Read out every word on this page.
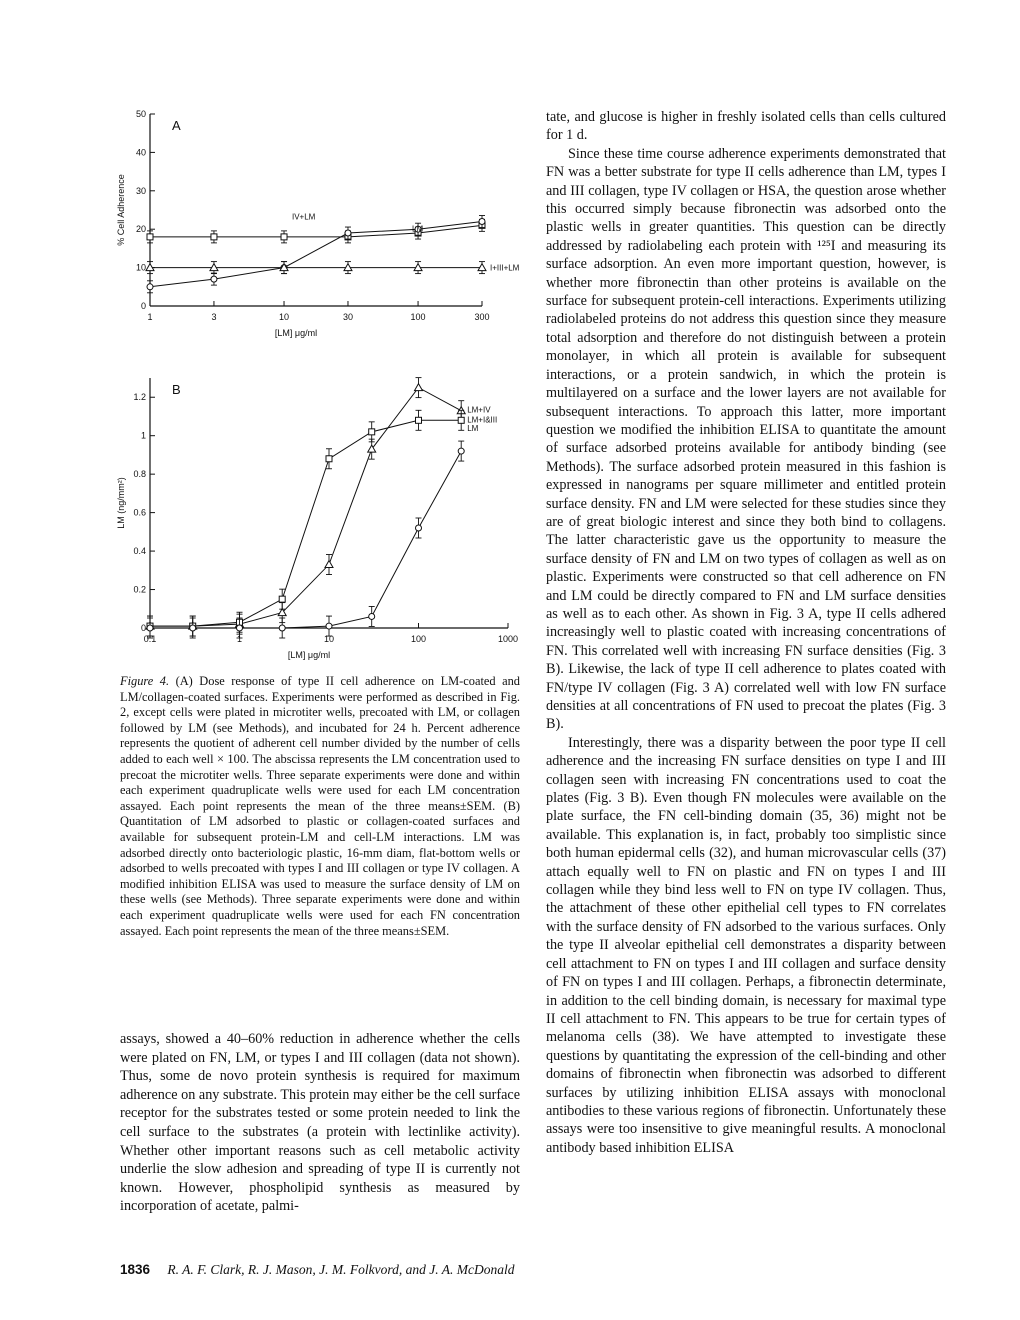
1	3	10	30	100	300
0
10
20
30
40
50
[LM] μg/ml
% Cell Adherence
A
IV+LM
LM
I+III+LM
0.1	1	10	100	1000
0
0.2
0.4
0.6
0.8
1
1.2
[LM] μg/ml
LM (ng/mm²)
B
LM+I&III
LM+IV
LM
Figure 4. (A) Dose response of type II cell adherence on LM-coated and LM/collagen-coated surfaces. Experiments were performed as described in Fig. 2, except cells were plated in microtiter wells, precoated with LM, or collagen followed by LM (see Methods), and incubated for 24 h. Percent adherence represents the quotient of adherent cell number divided by the number of cells added to each well × 100. The abscissa represents the LM concentration used to precoat the microtiter wells. Three separate experiments were done and within each experiment quadruplicate wells were used for each LM concentration assayed. Each point represents the mean of the three means±SEM. (B) Quantitation of LM adsorbed to plastic or collagen-coated surfaces and available for subsequent protein-LM and cell-LM interactions. LM was adsorbed directly onto bacteriologic plastic, 16-mm diam, flat-bottom wells or adsorbed to wells precoated with types I and III collagen or type IV collagen. A modified inhibition ELISA was used to measure the surface density of LM on these wells (see Methods). Three separate experiments were done and within each experiment quadruplicate wells were used for each FN concentration assayed. Each point represents the mean of the three means±SEM.

assays, showed a 40–60% reduction in adherence whether the cells were plated on FN, LM, or types I and III collagen (data not shown). Thus, some de novo protein synthesis is required for maximum adherence on any substrate. This protein may either be the cell surface receptor for the substrates tested or some protein needed to link the cell surface to the substrates (a protein with lectinlike activity). Whether other important reasons such as cell metabolic activity underlie the slow adhesion and spreading of type II is currently not known. However, phospholipid synthesis as measured by incorporation of acetate, palmi-

tate, and glucose is higher in freshly isolated cells than cells cultured for 1 d.

Since these time course adherence experiments demonstrated that FN was a better substrate for type II cells adherence than LM, types I and III collagen, type IV collagen or HSA, the question arose whether this occurred simply because fibronectin was adsorbed onto the plastic wells in greater quantities. This question can be directly addressed by radiolabeling each protein with ¹²⁵I and measuring its surface adsorption. An even more important question, however, is whether more fibronectin than other proteins is available on the surface for subsequent protein-cell interactions. Experiments utilizing radiolabeled proteins do not address this question since they measure total adsorption and therefore do not distinguish between a protein monolayer, in which all protein is available for subsequent interactions, or a protein sandwich, in which the protein is multilayered on a surface and the lower layers are not available for subsequent interactions. To approach this latter, more important question we modified the inhibition ELISA to quantitate the amount of surface adsorbed proteins available for antibody binding (see Methods). The surface adsorbed protein measured in this fashion is expressed in nanograms per square millimeter and entitled protein surface density. FN and LM were selected for these studies since they are of great biologic interest and since they both bind to collagens. The latter characteristic gave us the opportunity to measure the surface density of FN and LM on two types of collagen as well as on plastic. Experiments were constructed so that cell adherence on FN and LM could be directly compared to FN and LM surface densities as well as to each other. As shown in Fig. 3 A, type II cells adhered increasingly well to plastic coated with increasing concentrations of FN. This correlated well with increasing FN surface densities (Fig. 3 B). Likewise, the lack of type II cell adherence to plates coated with FN/type IV collagen (Fig. 3 A) correlated well with low FN surface densities at all concentrations of FN used to precoat the plates (Fig. 3 B).

Interestingly, there was a disparity between the poor type II cell adherence and the increasing FN surface densities on type I and III collagen seen with increasing FN concentrations used to coat the plates (Fig. 3 B). Even though FN molecules were available on the plate surface, the FN cell-binding domain (35, 36) might not be available. This explanation is, in fact, probably too simplistic since both human epidermal cells (32), and human microvascular cells (37) attach equally well to FN on plastic and FN on types I and III collagen while they bind less well to FN on type IV collagen. Thus, the attachment of these other epithelial cell types to FN correlates with the surface density of FN adsorbed to the various surfaces. Only the type II alveolar epithelial cell demonstrates a disparity between cell attachment to FN on types I and III collagen and surface density of FN on types I and III collagen. Perhaps, a fibronectin determinate, in addition to the cell binding domain, is necessary for maximal type II cell attachment to FN. This appears to be true for certain types of melanoma cells (38). We have attempted to investigate these questions by quantitating the expression of the cell-binding and other domains of fibronectin when fibronectin was adsorbed to different surfaces by utilizing inhibition ELISA assays with monoclonal antibodies to these various regions of fibronectin. Unfortunately these assays were too insensitive to give meaningful results. A monoclonal antibody based inhibition ELISA

1836 R. A. F. Clark, R. J. Mason, J. M. Folkvord, and J. A. McDonald
